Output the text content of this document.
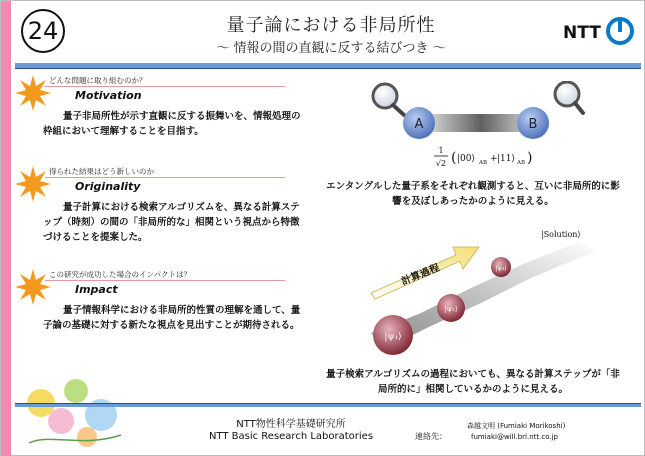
24	量子論における非局所性
～ 情報の間の直観に反する結びつき ～
NTT
どんな問題に取り組むのか？
Motivation
量子非局所性が示す直観に反する振舞いを、情報処理の枠組において理解することを目指す。
得られた結果はどう新しいのか
Originality
量子計算における検索アルゴリズムを、異なる計算ステップ（時刻）の間の「非局所的な」相関という視点から特徴づけることを提案した。
この研究が成功した場合のインパクトは？
Impact
量子情報科学における非局所的性質の理解を通して、量子論の基礎に対する新たな視点を見出すことが期待される。
A	B
1
√2 ( |00⟩ AB + |11⟩ AB )
エンタングルした量子系をそれぞれ観測すると、互いに非局所的に影響を及ぼしあったかのように見える。
計算過程
|ψ₁⟩
|ψ₂⟩
|ψ₃⟩
|Solution⟩
量子検索アルゴリズムの過程においても、異なる計算ステップが「非局所的に」相関しているかのように見える。
NTT物性科学基礎研究所
NTT Basic Research Laboratories	連絡先：
森越文明 (Fumiaki Morikoshi)
fumiaki@will.brl.ntt.co.jp
